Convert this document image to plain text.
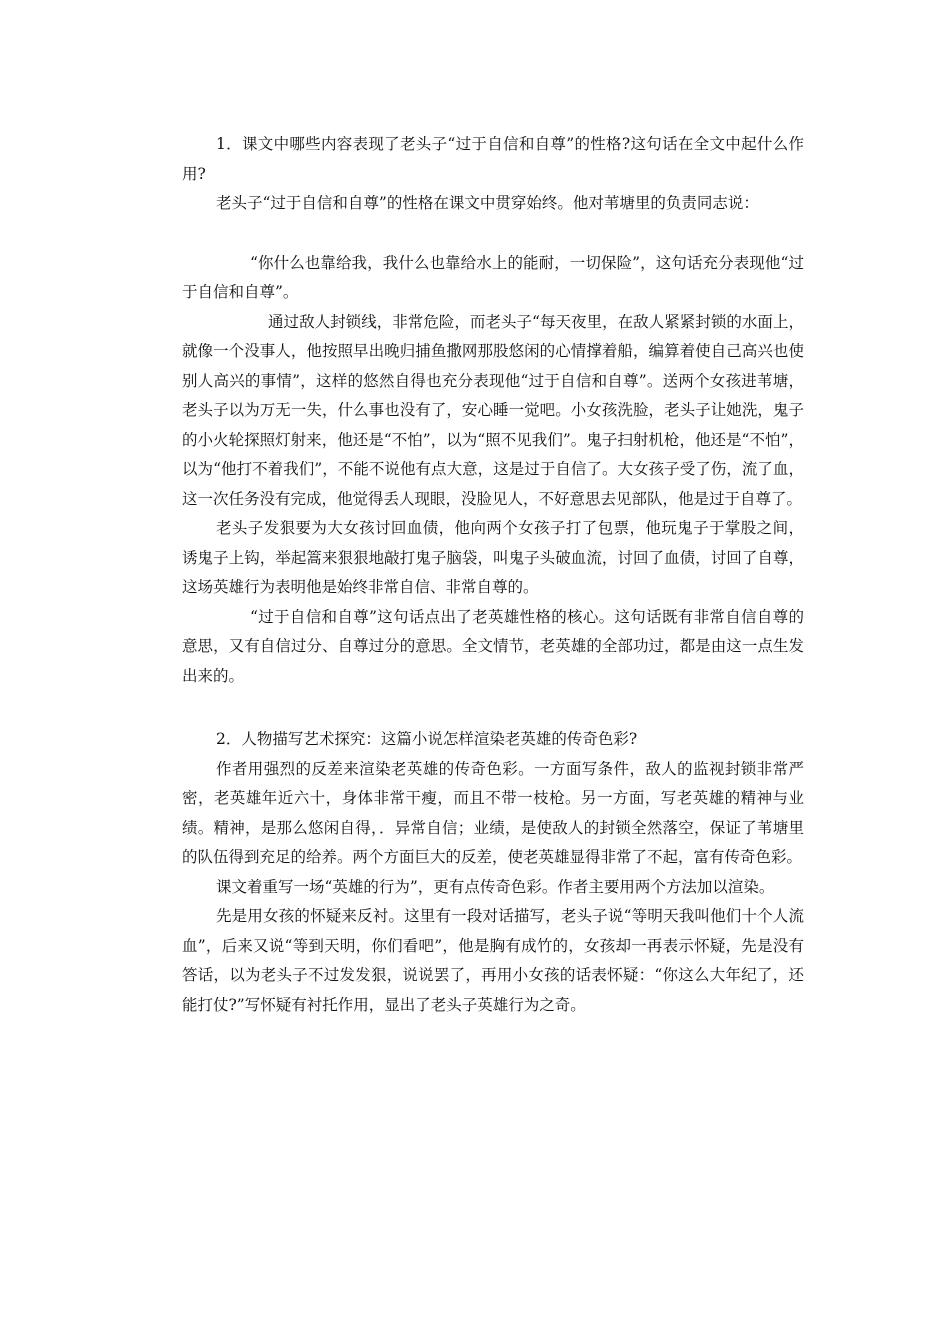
1．课文中哪些内容表现了老头子“过于自信和自尊”的性格?这句话在全文中起什么作用?

老头子“过于自信和自尊”的性格在课文中贯穿始终。他对苇塘里的负责同志说：

“你什么也靠给我，我什么也靠给水上的能耐，一切保险”，这句话充分表现他“过于自信和自尊”。

通过敌人封锁线，非常危险，而老头子“每天夜里，在敌人紧紧封锁的水面上，就像一个没事人，他按照早出晚归捕鱼撒网那股悠闲的心情撑着船，编算着使自己高兴也使别人高兴的事情”，这样的悠然自得也充分表现他“过于自信和自尊”。送两个女孩进苇塘，老头子以为万无一失，什么事也没有了，安心睡一觉吧。小女孩洗脸，老头子让她洗，鬼子的小火轮探照灯射来，他还是“不怕”，以为“照不见我们”。鬼子扫射机枪，他还是“不怕”，以为“他打不着我们”，不能不说他有点大意，这是过于自信了。大女孩子受了伤，流了血，这一次任务没有完成，他觉得丢人现眼，没脸见人，不好意思去见部队，他是过于自尊了。

老头子发狠要为大女孩讨回血债，他向两个女孩子打了包票，他玩鬼子于掌股之间，诱鬼子上钩，举起篙来狠狠地敲打鬼子脑袋，叫鬼子头破血流，讨回了血债，讨回了自尊，这场英雄行为表明他是始终非常自信、非常自尊的。

“过于自信和自尊”这句话点出了老英雄性格的核心。这句话既有非常自信自尊的意思，又有自信过分、自尊过分的意思。全文情节，老英雄的全部功过，都是由这一点生发出来的。

2．人物描写艺术探究：这篇小说怎样渲染老英雄的传奇色彩?

作者用强烈的反差来渲染老英雄的传奇色彩。一方面写条件，敌人的监视封锁非常严密，老英雄年近六十，身体非常干瘦，而且不带一枝枪。另一方面，写老英雄的精神与业绩。精神，是那么悠闲自得，．异常自信；业绩，是使敌人的封锁全然落空，保证了苇塘里的队伍得到充足的给养。两个方面巨大的反差，使老英雄显得非常了不起，富有传奇色彩。

课文着重写一场“英雄的行为”，更有点传奇色彩。作者主要用两个方法加以渲染。

先是用女孩的怀疑来反衬。这里有一段对话描写，老头子说“等明天我叫他们十个人流血”，后来又说“等到天明，你们看吧”，他是胸有成竹的，女孩却一再表示怀疑，先是没有答话，以为老头子不过发发狠，说说罢了，再用小女孩的话表怀疑：“你这么大年纪了，还能打仗?”写怀疑有衬托作用，显出了老头子英雄行为之奇。
